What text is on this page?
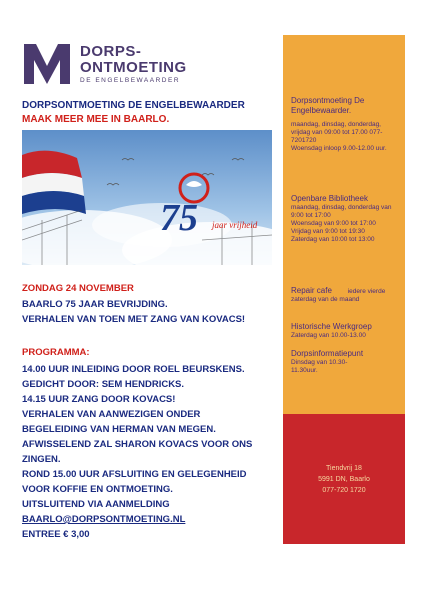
DORPS-
ONTMOETING
DE ENGELBEWAARDER
DORPSONTMOETING DE ENGELBEWAARDER
MAAK MEER MEE IN BAARLO.
75 jaar vrijheid
ZONDAG 24 NOVEMBER
BAARLO 75 JAAR BEVRIJDING.
VERHALEN VAN TOEN MET ZANG VAN KOVACS!
PROGRAMMA:
14.00 UUR INLEIDING DOOR ROEL BEURSKENS.
GEDICHT DOOR: SEM HENDRICKS.
14.15 UUR ZANG DOOR KOVACS!
VERHALEN VAN AANWEZIGEN ONDER
BEGELEIDING VAN HERMAN VAN MEGEN.
AFWISSELEND ZAL SHARON KOVACS VOOR ONS
ZINGEN.
ROND 15.00 UUR AFSLUITING EN GELEGENHEID
VOOR KOFFIE EN ONTMOETING.
UITSLUITEND VIA AANMELDING
BAARLO@DORPSONTMOETING.NL
ENTREE € 3,00
Dorpsontmoeting De Engelbewaarder.
maandag, dinsdag, donderdag, vrijdag van 09:00 tot 17.00 077-7201720
Woensdag inloop 9.00-12.00 uur.
Openbare Bibliotheek
maandag, dinsdag, donderdag van 9:00 tot 17:00
Woensdag van 9:00 tot 17:00
Vrijdag van 9:00 tot 19:30
Zaterdag van 10:00 tot 13:00
Repair cafe iedere vierde zaterdag van de maand
Historische Werkgroep
Zaterdag van 10.00-13.00
Dorpsinformatiepunt
Dinsdag van 10.30-11.30uur.
Tiendvrij 18
5991 DN, Baarlo
077-720 1720
